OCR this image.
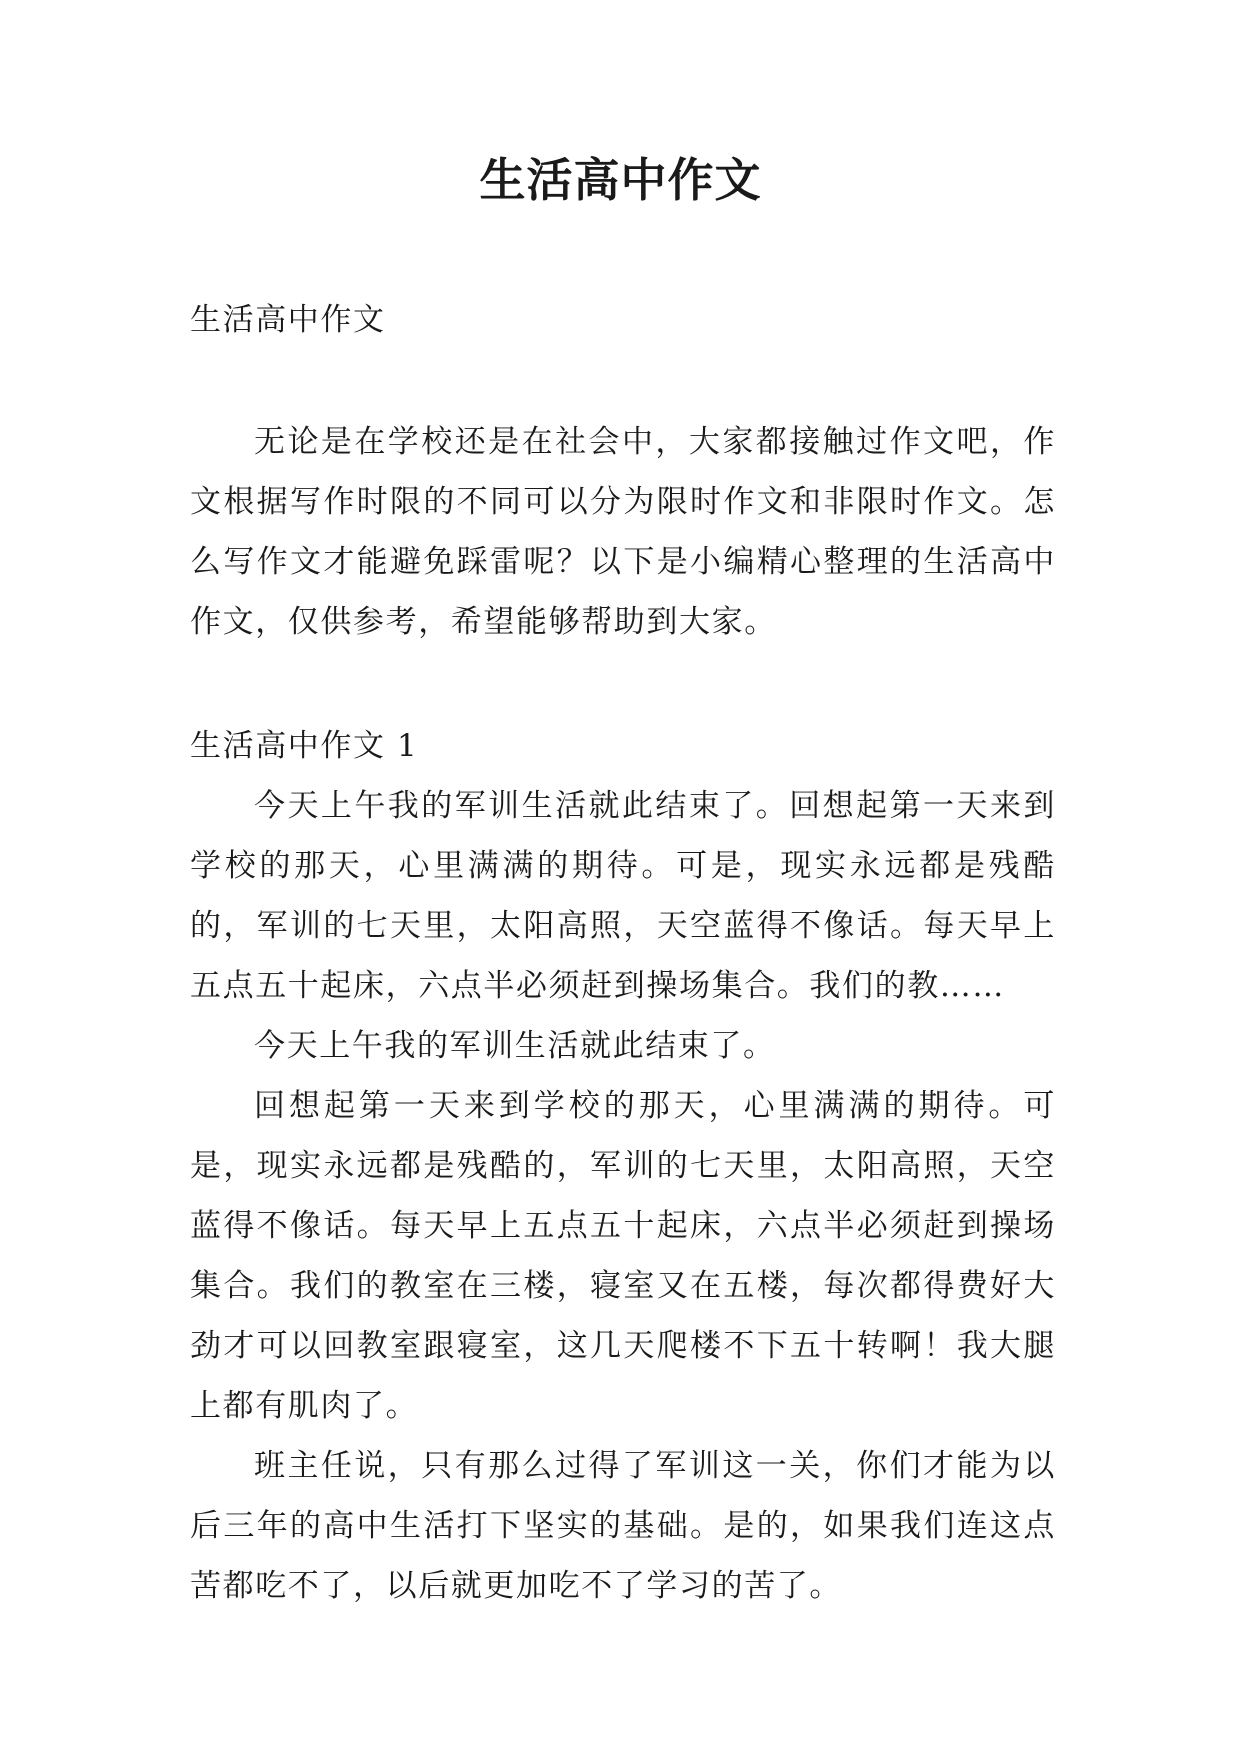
生活高中作文

生活高中作文

无论是在学校还是在社会中，大家都接触过作文吧，作文根据写作时限的不同可以分为限时作文和非限时作文。怎么写作文才能避免踩雷呢？以下是小编精心整理的生活高中作文，仅供参考，希望能够帮助到大家。

生活高中作文 1

今天上午我的军训生活就此结束了。回想起第一天来到学校的那天，心里满满的期待。可是，现实永远都是残酷的，军训的七天里，太阳高照，天空蓝得不像话。每天早上五点五十起床，六点半必须赶到操场集合。我们的教……

今天上午我的军训生活就此结束了。

回想起第一天来到学校的那天，心里满满的期待。可是，现实永远都是残酷的，军训的七天里，太阳高照，天空蓝得不像话。每天早上五点五十起床，六点半必须赶到操场集合。我们的教室在三楼，寝室又在五楼，每次都得费好大劲才可以回教室跟寝室，这几天爬楼不下五十转啊！我大腿上都有肌肉了。

班主任说，只有那么过得了军训这一关，你们才能为以后三年的高中生活打下坚实的基础。是的，如果我们连这点苦都吃不了，以后就更加吃不了学习的苦了。
